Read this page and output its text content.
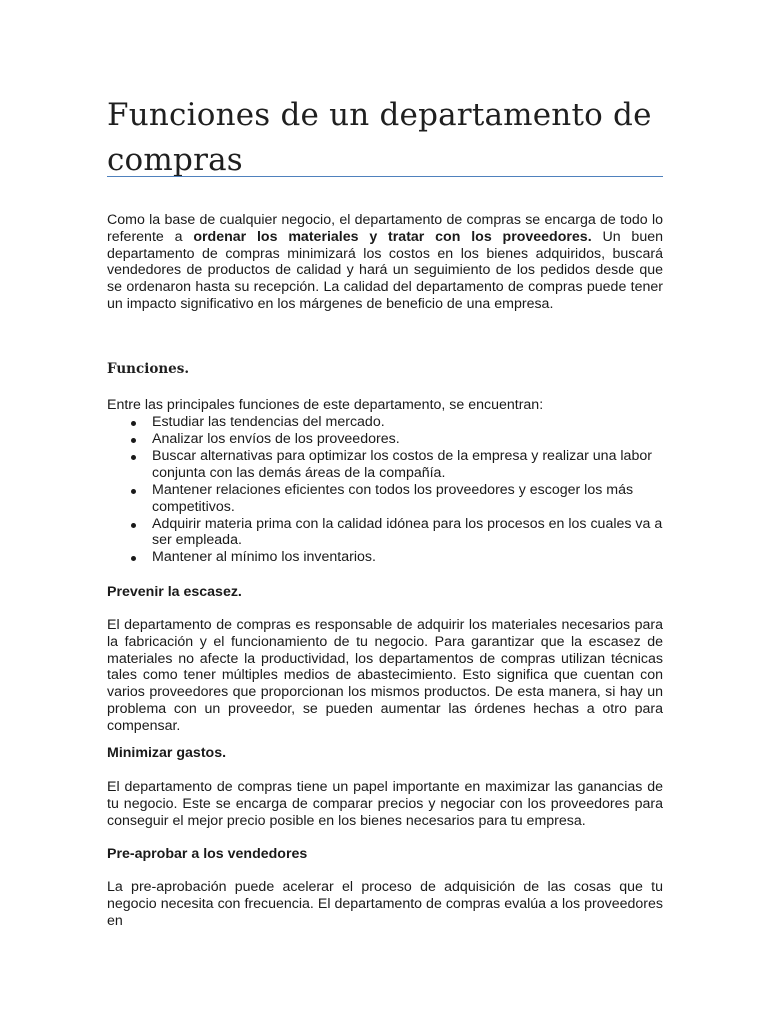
Funciones de un departamento de compras

Como la base de cualquier negocio, el departamento de compras se encarga de todo lo referente a ordenar los materiales y tratar con los proveedores. Un buen departamento de compras minimizará los costos en los bienes adquiridos, buscará vendedores de productos de calidad y hará un seguimiento de los pedidos desde que se ordenaron hasta su recepción. La calidad del departamento de compras puede tener un impacto significativo en los márgenes de beneficio de una empresa.

Funciones.

Entre las principales funciones de este departamento, se encuentran:

Estudiar las tendencias del mercado.
Analizar los envíos de los proveedores.
Buscar alternativas para optimizar los costos de la empresa y realizar una labor conjunta con las demás áreas de la compañía.
Mantener relaciones eficientes con todos los proveedores y escoger los más competitivos.
Adquirir materia prima con la calidad idónea para los procesos en los cuales va a ser empleada.
Mantener al mínimo los inventarios.
Prevenir la escasez.

El departamento de compras es responsable de adquirir los materiales necesarios para la fabricación y el funcionamiento de tu negocio. Para garantizar que la escasez de materiales no afecte la productividad, los departamentos de compras utilizan técnicas tales como tener múltiples medios de abastecimiento. Esto significa que cuentan con varios proveedores que proporcionan los mismos productos. De esta manera, si hay un problema con un proveedor, se pueden aumentar las órdenes hechas a otro para compensar.

Minimizar gastos.

El departamento de compras tiene un papel importante en maximizar las ganancias de tu negocio. Este se encarga de comparar precios y negociar con los proveedores para conseguir el mejor precio posible en los bienes necesarios para tu empresa.

Pre-aprobar a los vendedores

La pre-aprobación puede acelerar el proceso de adquisición de las cosas que tu negocio necesita con frecuencia. El departamento de compras evalúa a los proveedores en
